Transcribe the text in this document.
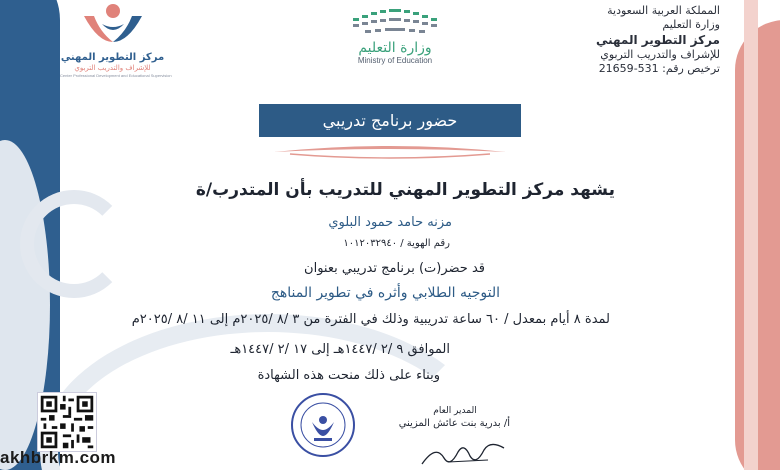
المملكة العربية السعودية
وزارة التعليم
مركز التطوير المهني
للإشراف والتدريب التربوي
ترخيص رقم: 531-21659
وزارة التعليم
Ministry of Education
مركز التطوير المهني
للإشراف والتدريب التربوي
Center Professional Development and Educational Supervision
حضور برنامج تدريبي
يشهد مركز التطوير المهني للتدريب بأن المتدرب/ة
مزنه حامد حمود البلوي
رقم الهوية / ١٠١٢٠٣٢٩٤٠
قد حضر(ت) برنامج تدريبي بعنوان
التوجيه الطلابي وأثره في تطوير المناهج
لمدة ٨ أيام بمعدل / ٦٠ ساعة تدريبية وذلك في الفترة من ٣ /٨ /٢٠٢٥م إلى ١١ /٨ /٢٠٢٥م
الموافق ٩ /٢ /١٤٤٧هـ إلى ١٧ /٢ /١٤٤٧هـ
وبناء على ذلك منحت هذه الشهادة
المدير العام
أ/ بدرية بنت عائش المزيني
akhbrkm.com
